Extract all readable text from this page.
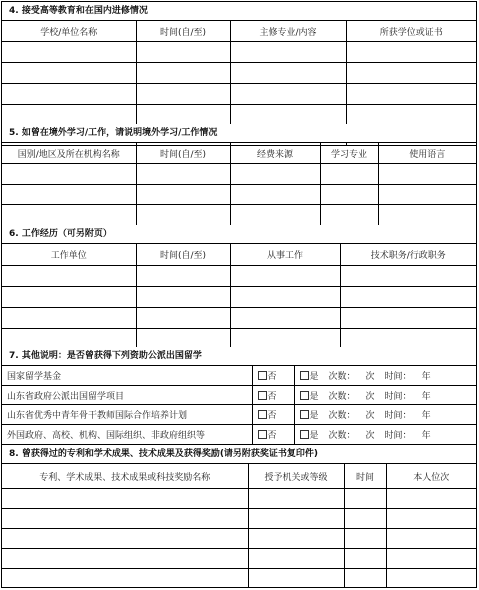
4. 接受高等教育和在国内进修情况
学校/单位名称	时间(自/至)	主修专业/内容	所获学位或证书

5. 如曾在境外学习/工作，请说明境外学习/工作情况
国别/地区及所在机构名称	时间(自/至)	经费来源	学习专业	使用语言

6. 工作经历（可另附页）
工作单位	时间(自/至)	从事工作	技术职务/行政职务

7. 其他说明：是否曾获得下列资助公派出国留学
国家留学基金	否	是 次数： 次 时间： 年
山东省政府公派出国留学项目	否	是 次数： 次 时间： 年
山东省优秀中青年骨干教师国际合作培养计划	否	是 次数： 次 时间： 年
外国政府、高校、机构、国际组织、非政府组织等	否	是 次数： 次 时间： 年
8. 曾获得过的专利和学术成果、技术成果及获得奖励(请另附获奖证书复印件)
专利、学术成果、技术成果或科技奖励名称	授予机关或等级	时间	本人位次
